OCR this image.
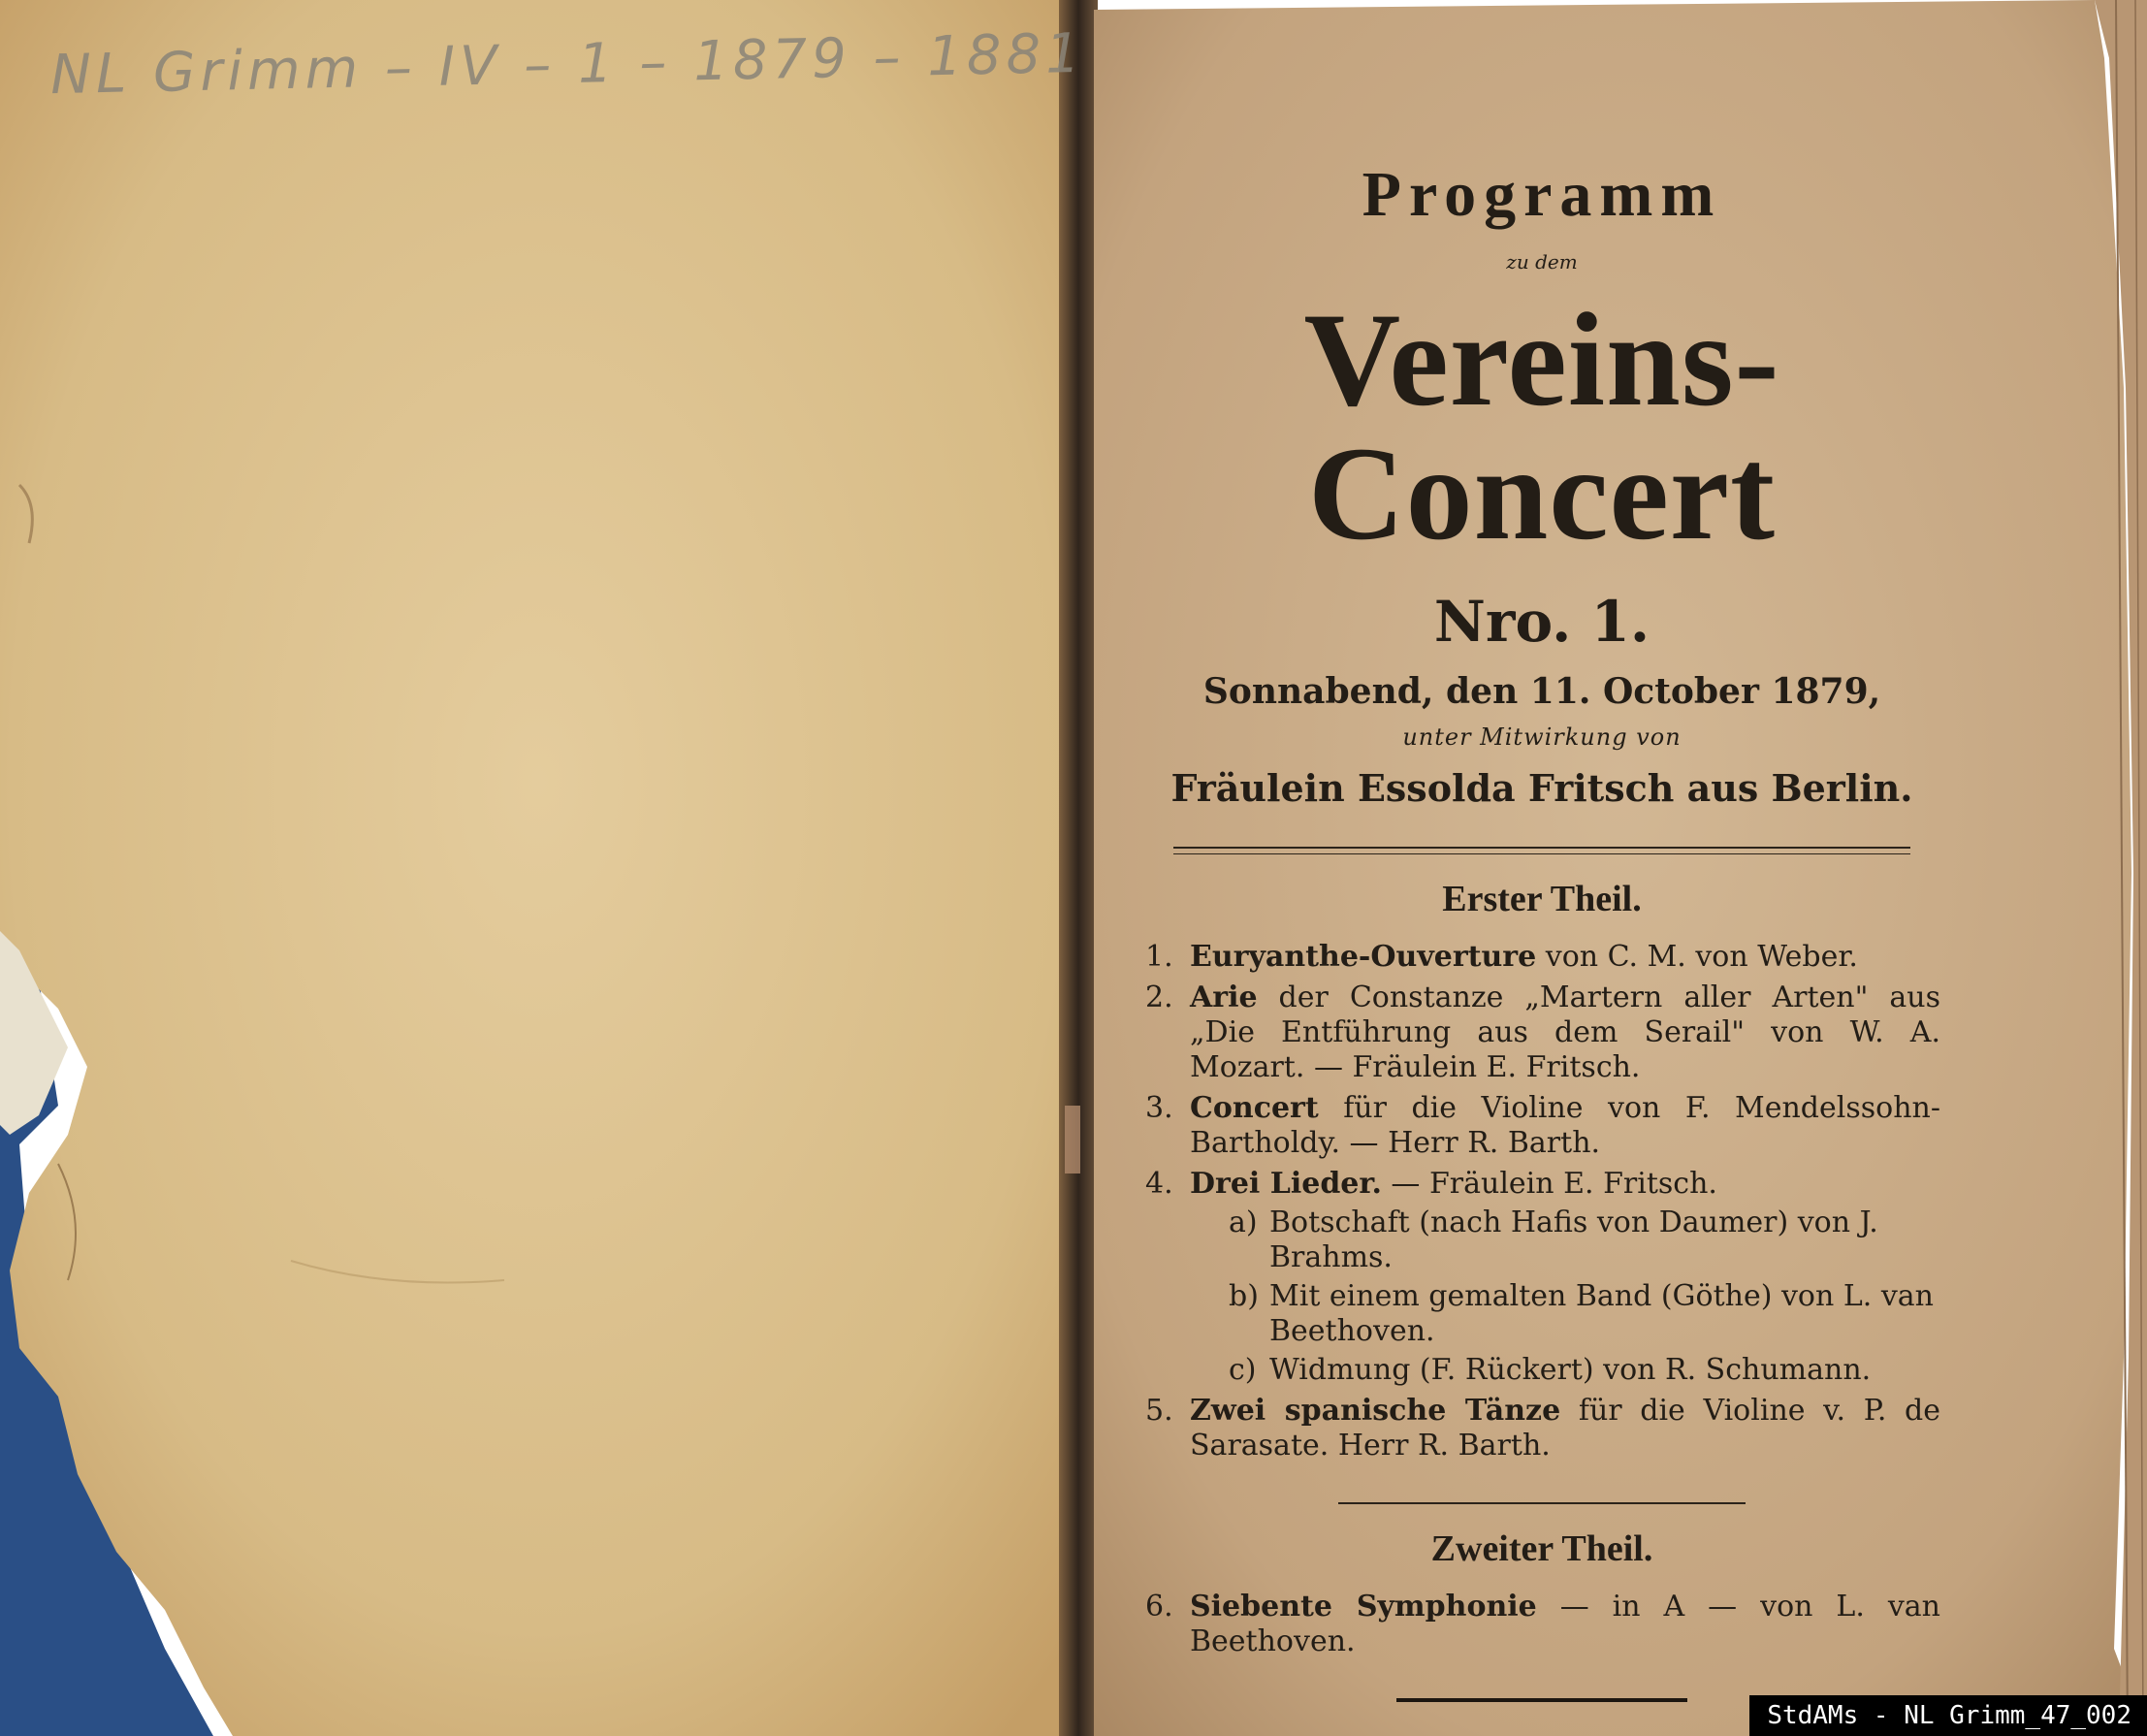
NL Grimm – IV – 1 – 1879 – 1881
Programm
zu dem
Vereins-Concert
Nro. 1.
Sonnabend, den 11. October 1879,
unter Mitwirkung von
Fräulein Essolda Fritsch aus Berlin.
Erster Theil.
1. Euryanthe-Ouverture von C. M. von Weber.
2. Arie der Constanze „Martern aller Arten" aus „Die Entführung aus dem Serail" von W. A. Mozart. — Fräulein E. Fritsch.
3. Concert für die Violine von F. Mendelssohn-Bartholdy. — Herr R. Barth.
4. Drei Lieder. — Fräulein E. Fritsch.
a) Botschaft (nach Hafis von Daumer) von J. Brahms.
b) Mit einem gemalten Band (Göthe) von L. van Beethoven.
c) Widmung (F. Rückert) von R. Schumann.
5. Zwei spanische Tänze für die Violine v. P. de Sarasate. Herr R. Barth.
Zweiter Theil.
6. Siebente Symphonie — in A — von L. van Beethoven.
StdAMs - NL Grimm_47_002
